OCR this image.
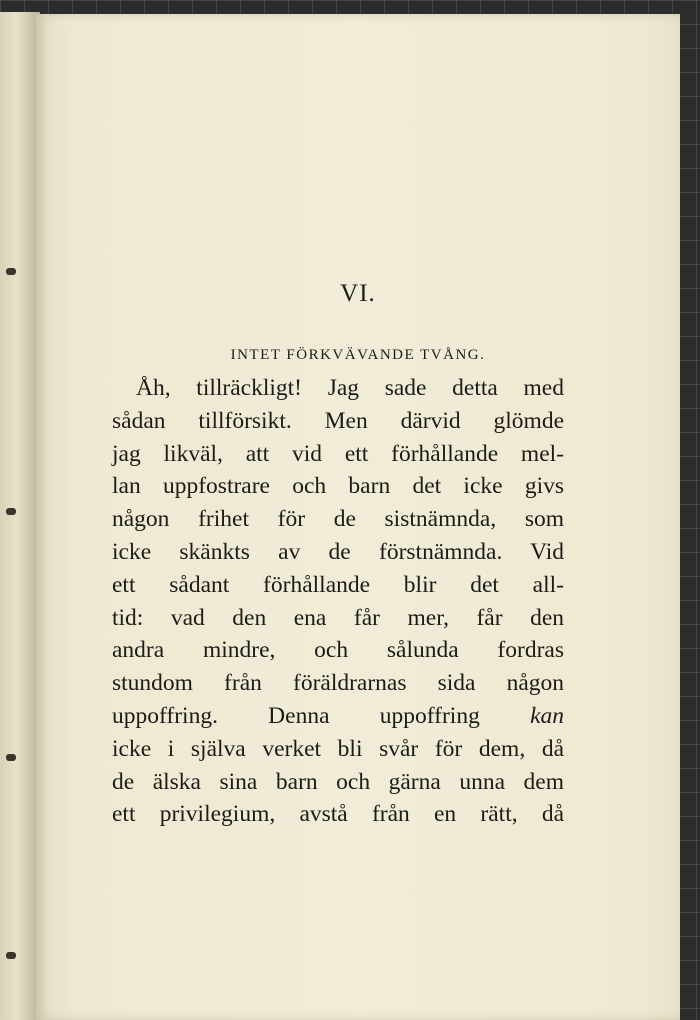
VI.
INTET FÖRKVÄVANDE TVÅNG.
Åh, tillräckligt! Jag sade detta med
sådan tillförsikt. Men därvid glömde
jag likväl, att vid ett förhållande mel-
lan uppfostrare och barn det icke givs
någon frihet för de sistnämnda, som
icke skänkts av de förstnämnda. Vid
ett sådant förhållande blir det all-
tid: vad den ena får mer, får den
andra mindre, och sålunda fordras
stundom från föräldrarnas sida någon
uppoffring. Denna uppoffring kan
icke i själva verket bli svår för dem, då
de älska sina barn och gärna unna dem
ett privilegium, avstå från en rätt, då
